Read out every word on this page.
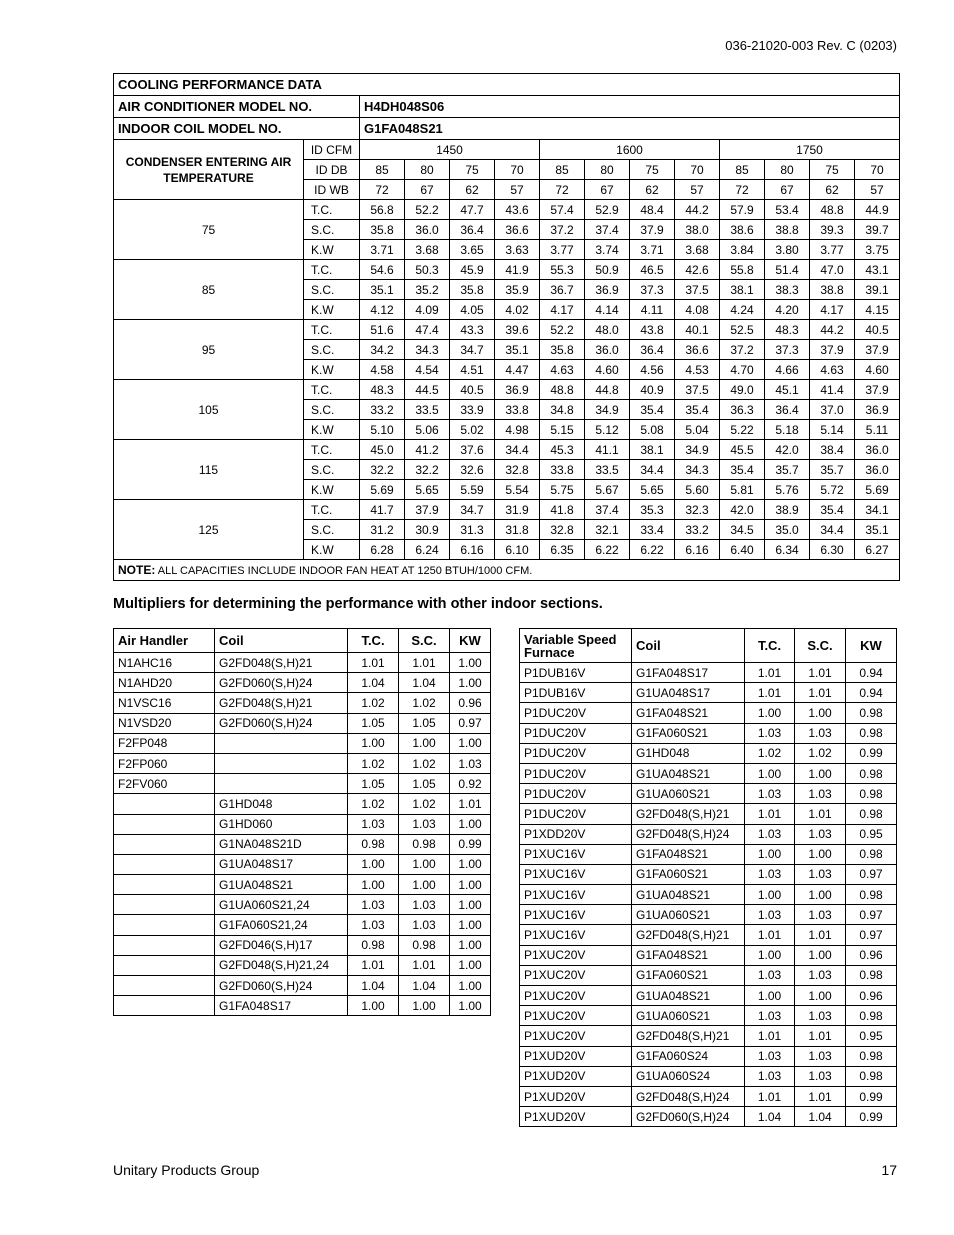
036-21020-003 Rev. C (0203)
COOLING PERFORMANCE DATA													
AIR CONDITIONER MODEL NO.		H4DH048S06											
INDOOR COIL MODEL NO.		G1FA048S21											
CONDENSER ENTERING AIR TEMPERATURE	ID CFM	1450				1600				1750			
	ID DB	85	80	75	70	85	80	75	70	85	80	75	70
	ID WB	72	67	62	57	72	67	62	57	72	67	62	57
75	T.C.	56.8	52.2	47.7	43.6	57.4	52.9	48.4	44.2	57.9	53.4	48.8	44.9
	S.C.	35.8	36.0	36.4	36.6	37.2	37.4	37.9	38.0	38.6	38.8	39.3	39.7
	K.W	3.71	3.68	3.65	3.63	3.77	3.74	3.71	3.68	3.84	3.80	3.77	3.75
85	T.C.	54.6	50.3	45.9	41.9	55.3	50.9	46.5	42.6	55.8	51.4	47.0	43.1
	S.C.	35.1	35.2	35.8	35.9	36.7	36.9	37.3	37.5	38.1	38.3	38.8	39.1
	K.W	4.12	4.09	4.05	4.02	4.17	4.14	4.11	4.08	4.24	4.20	4.17	4.15
95	T.C.	51.6	47.4	43.3	39.6	52.2	48.0	43.8	40.1	52.5	48.3	44.2	40.5
	S.C.	34.2	34.3	34.7	35.1	35.8	36.0	36.4	36.6	37.2	37.3	37.9	37.9
	K.W	4.58	4.54	4.51	4.47	4.63	4.60	4.56	4.53	4.70	4.66	4.63	4.60
105	T.C.	48.3	44.5	40.5	36.9	48.8	44.8	40.9	37.5	49.0	45.1	41.4	37.9
	S.C.	33.2	33.5	33.9	33.8	34.8	34.9	35.4	35.4	36.3	36.4	37.0	36.9
	K.W	5.10	5.06	5.02	4.98	5.15	5.12	5.08	5.04	5.22	5.18	5.14	5.11
115	T.C.	45.0	41.2	37.6	34.4	45.3	41.1	38.1	34.9	45.5	42.0	38.4	36.0
	S.C.	32.2	32.2	32.6	32.8	33.8	33.5	34.4	34.3	35.4	35.7	35.7	36.0
	K.W	5.69	5.65	5.59	5.54	5.75	5.67	5.65	5.60	5.81	5.76	5.72	5.69
125	T.C.	41.7	37.9	34.7	31.9	41.8	37.4	35.3	32.3	42.0	38.9	35.4	34.1
	S.C.	31.2	30.9	31.3	31.8	32.8	32.1	33.4	33.2	34.5	35.0	34.4	35.1
	K.W	6.28	6.24	6.16	6.10	6.35	6.22	6.22	6.16	6.40	6.34	6.30	6.27
NOTE: ALL CAPACITIES INCLUDE INDOOR FAN HEAT AT 1250 BTUH/1000 CFM.													
Multipliers for determining the performance with other indoor sections.
Air Handler	Coil	T.C.	S.C.	KW
N1AHC16	G2FD048(S,H)21	1.01	1.01	1.00
N1AHD20	G2FD060(S,H)24	1.04	1.04	1.00
N1VSC16	G2FD048(S,H)21	1.02	1.02	0.96
N1VSD20	G2FD060(S,H)24	1.05	1.05	0.97
F2FP048		1.00	1.00	1.00
F2FP060		1.02	1.02	1.03
F2FV060		1.05	1.05	0.92
	G1HD048	1.02	1.02	1.01
	G1HD060	1.03	1.03	1.00
	G1NA048S21D	0.98	0.98	0.99
	G1UA048S17	1.00	1.00	1.00
	G1UA048S21	1.00	1.00	1.00
	G1UA060S21,24	1.03	1.03	1.00
	G1FA060S21,24	1.03	1.03	1.00
	G2FD046(S,H)17	0.98	0.98	1.00
	G2FD048(S,H)21,24	1.01	1.01	1.00
	G2FD060(S,H)24	1.04	1.04	1.00
	G1FA048S17	1.00	1.00	1.00
Variable Speed Furnace	Coil	T.C.	S.C.	KW
P1DUB16V	G1FA048S17	1.01	1.01	0.94
P1DUB16V	G1UA048S17	1.01	1.01	0.94
P1DUC20V	G1FA048S21	1.00	1.00	0.98
P1DUC20V	G1FA060S21	1.03	1.03	0.98
P1DUC20V	G1HD048	1.02	1.02	0.99
P1DUC20V	G1UA048S21	1.00	1.00	0.98
P1DUC20V	G1UA060S21	1.03	1.03	0.98
P1DUC20V	G2FD048(S,H)21	1.01	1.01	0.98
P1XDD20V	G2FD048(S,H)24	1.03	1.03	0.95
P1XUC16V	G1FA048S21	1.00	1.00	0.98
P1XUC16V	G1FA060S21	1.03	1.03	0.97
P1XUC16V	G1UA048S21	1.00	1.00	0.98
P1XUC16V	G1UA060S21	1.03	1.03	0.97
P1XUC16V	G2FD048(S,H)21	1.01	1.01	0.97
P1XUC20V	G1FA048S21	1.00	1.00	0.96
P1XUC20V	G1FA060S21	1.03	1.03	0.98
P1XUC20V	G1UA048S21	1.00	1.00	0.96
P1XUC20V	G1UA060S21	1.03	1.03	0.98
P1XUC20V	G2FD048(S,H)21	1.01	1.01	0.95
P1XUD20V	G1FA060S24	1.03	1.03	0.98
P1XUD20V	G1UA060S24	1.03	1.03	0.98
P1XUD20V	G2FD048(S,H)24	1.01	1.01	0.99
P1XUD20V	G2FD060(S,H)24	1.04	1.04	0.99
Unitary Products Group	17
